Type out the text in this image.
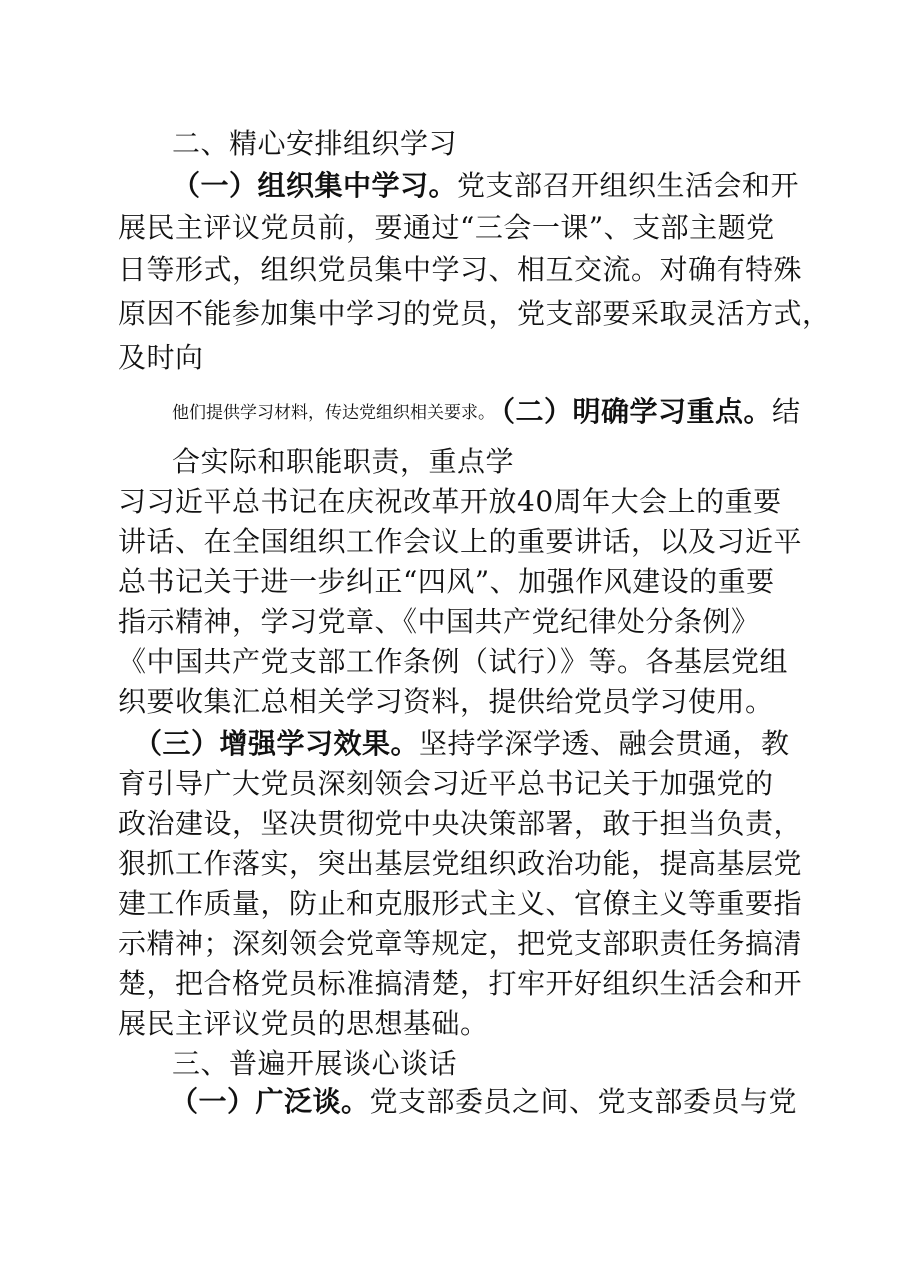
二、精心安排组织学习
（一）组织集中学习。党支部召开组织生活会和开
展民主评议党员前，要通过“三会一课”、支部主题党
日等形式，组织党员集中学习、相互交流。对确有特殊
原因不能参加集中学习的党员，党支部要采取灵活方式，
及时向
他们提供学习材料，传达党组织相关要求。 （二）明确学习重点。结
合实际和职能职责，重点学
习习近平总书记在庆祝改革开放40周年大会上的重要
讲话、在全国组织工作会议上的重要讲话，以及习近平
总书记关于进一步纠正“四风”、加强作风建设的重要
指示精神，学习党章、《中国共产党纪律处分条例》
《中国共产党支部工作条例（试行）》等。各基层党组
织要收集汇总相关学习资料，提供给党员学习使用。
（三）增强学习效果。坚持学深学透、融会贯通，教
育引导广大党员深刻领会习近平总书记关于加强党的
政治建设，坚决贯彻党中央决策部署，敢于担当负责，
狠抓工作落实，突出基层党组织政治功能，提高基层党
建工作质量，防止和克服形式主义、官僚主义等重要指
示精神；深刻领会党章等规定，把党支部职责任务搞清
楚，把合格党员标准搞清楚，打牢开好组织生活会和开
展民主评议党员的思想基础。
三、普遍开展谈心谈话
（一）广泛谈。党支部委员之间、党支部委员与党
